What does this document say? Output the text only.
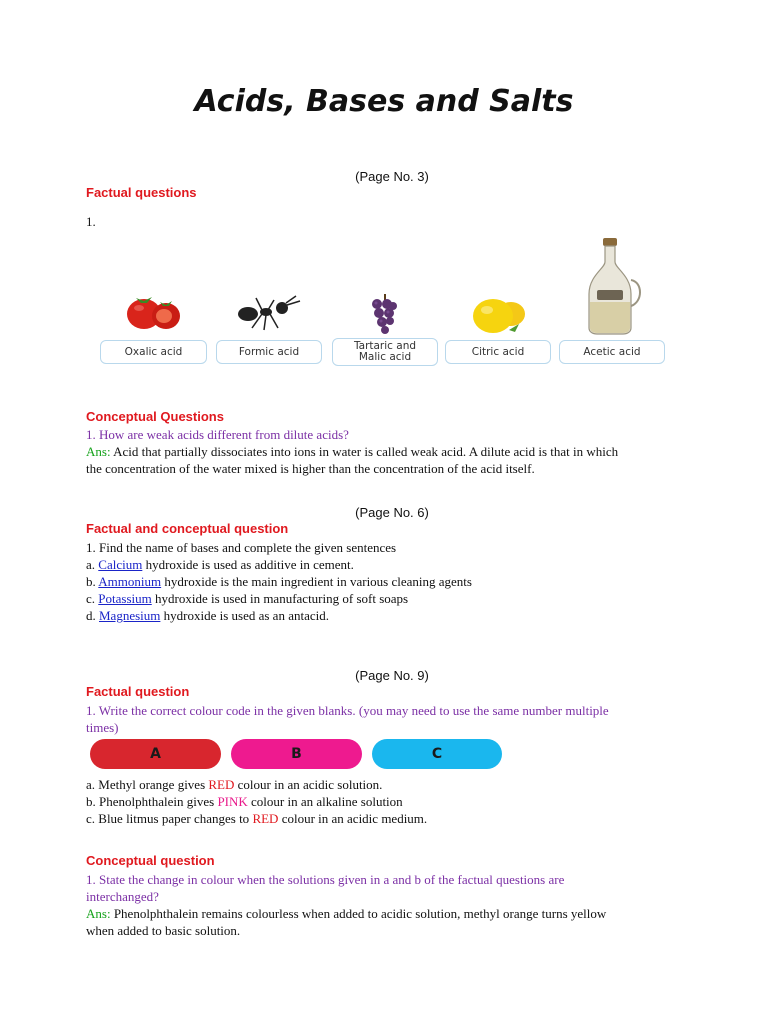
Acids, Bases and Salts
(Page No. 3)
Factual questions
1.
Oxalic acid	Formic acid	Tartaric and
Malic acid	Citric acid	Acetic acid
Conceptual Questions
1. How are weak acids different from dilute acids?
Ans: Acid that partially dissociates into ions in water is called weak acid. A dilute acid is that in which
the concentration of the water mixed is higher than the concentration of the acid itself.
(Page No. 6)
Factual and conceptual question
1. Find the name of bases and complete the given sentences
a. Calcium hydroxide is used as additive in cement.
b. Ammonium hydroxide is the main ingredient in various cleaning agents
c. Potassium hydroxide is used in manufacturing of soft soaps
d. Magnesium hydroxide is used as an antacid.
(Page No. 9)
Factual question
1. Write the correct colour code in the given blanks. (you may need to use the same number multiple
times)
A	B	C
a. Methyl orange gives RED colour in an acidic solution.
b. Phenolphthalein gives PINK colour in an alkaline solution
c. Blue litmus paper changes to RED colour in an acidic medium.
Conceptual question
1. State the change in colour when the solutions given in a and b of the factual questions are
interchanged?
Ans: Phenolphthalein remains colourless when added to acidic solution, methyl orange turns yellow
when added to basic solution.
